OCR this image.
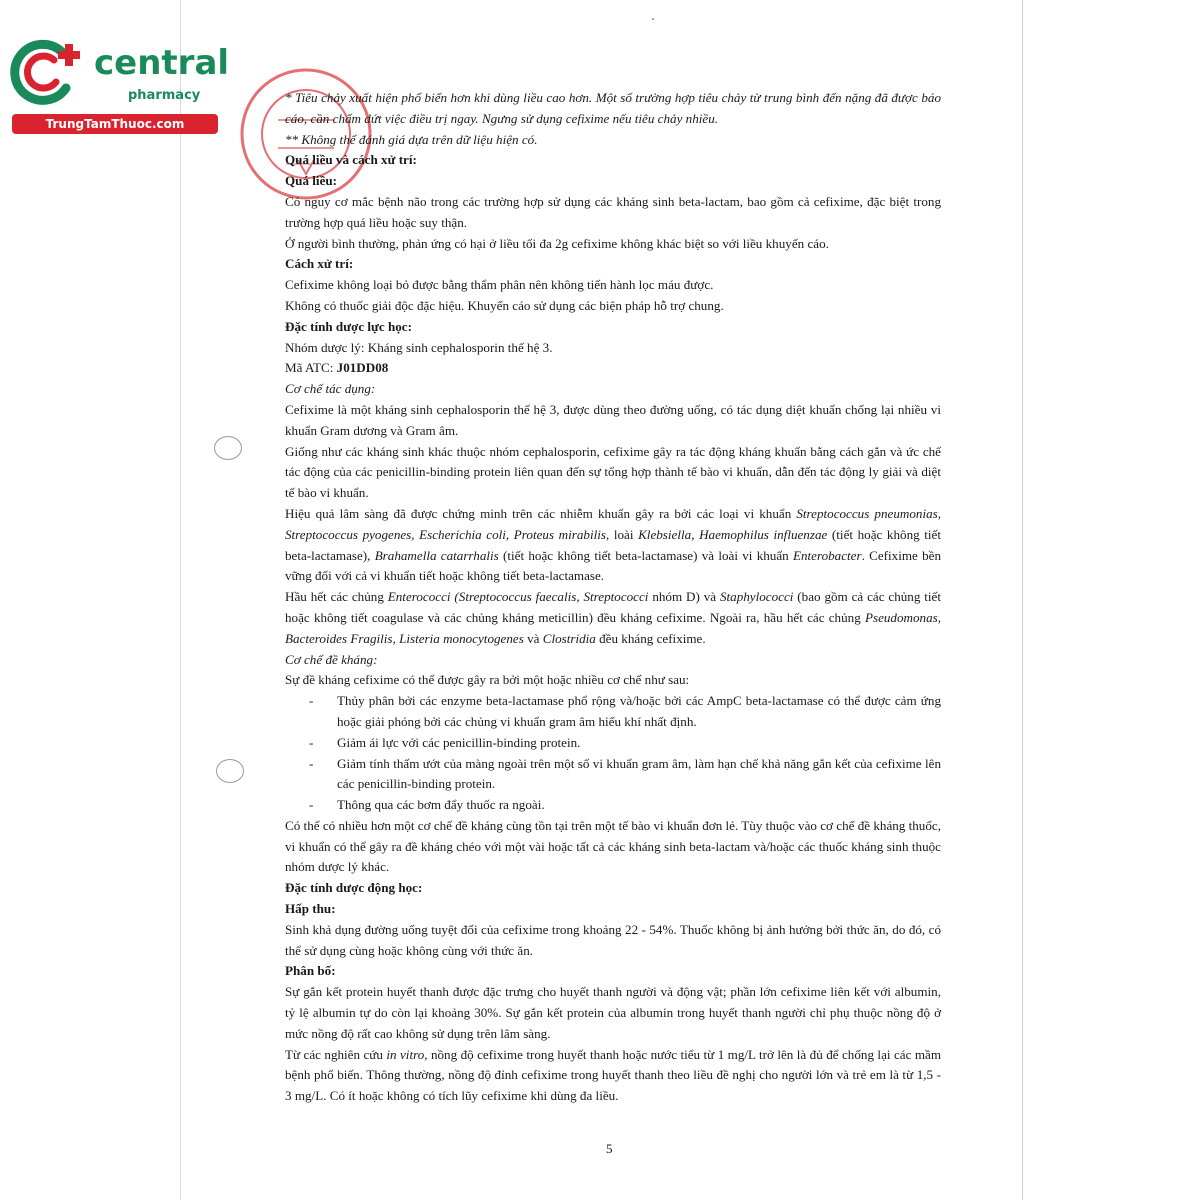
central
pharmacy
TrungTamThuoc.com

* Tiêu chảy xuất hiện phổ biến hơn khi dùng liều cao hơn. Một số trường hợp tiêu chảy từ trung bình đến nặng đã được báo cáo, cần chấm dứt việc điều trị ngay. Ngưng sử dụng cefixime nếu tiêu chảy nhiều.

** Không thể đánh giá dựa trên dữ liệu hiện có.

Quá liều và cách xử trí:

Quá liều:

Có nguy cơ mắc bệnh não trong các trường hợp sử dụng các kháng sinh beta-lactam, bao gồm cả cefixime, đặc biệt trong trường hợp quá liều hoặc suy thận.

Ở người bình thường, phản ứng có hại ở liều tối đa 2g cefixime không khác biệt so với liều khuyến cáo.

Cách xử trí:

Cefixime không loại bỏ được bằng thẩm phân nên không tiến hành lọc máu được.

Không có thuốc giải độc đặc hiệu. Khuyến cáo sử dụng các biện pháp hỗ trợ chung.

Đặc tính dược lực học:

Nhóm dược lý: Kháng sinh cephalosporin thế hệ 3.

Mã ATC: J01DD08

Cơ chế tác dụng:

Cefixime là một kháng sinh cephalosporin thế hệ 3, được dùng theo đường uống, có tác dụng diệt khuẩn chống lại nhiều vi khuẩn Gram dương và Gram âm.

Giống như các kháng sinh khác thuộc nhóm cephalosporin, cefixime gây ra tác động kháng khuẩn bằng cách gắn và ức chế tác động của các penicillin-binding protein liên quan đến sự tổng hợp thành tế bào vi khuẩn, dẫn đến tác động ly giải và diệt tế bào vi khuẩn.

Hiệu quả lâm sàng đã được chứng minh trên các nhiễm khuẩn gây ra bởi các loại vi khuẩn Streptococcus pneumonias, Streptococcus pyogenes, Escherichia coli, Proteus mirabilis, loài Klebsiella, Haemophilus influenzae (tiết hoặc không tiết beta-lactamase), Brahamella catarrhalis (tiết hoặc không tiết beta-lactamase) và loài vi khuẩn Enterobacter. Cefixime bền vững đối với cả vi khuẩn tiết hoặc không tiết beta-lactamase.

Hầu hết các chủng Enterococci (Streptococcus faecalis, Streptococci nhóm D) và Staphylococci (bao gồm cả các chủng tiết hoặc không tiết coagulase và các chủng kháng meticillin) đều kháng cefixime. Ngoài ra, hầu hết các chủng Pseudomonas, Bacteroides Fragilis, Listeria monocytogenes và Clostridia đều kháng cefixime.

Cơ chế đề kháng:

Sự đề kháng cefixime có thể được gây ra bởi một hoặc nhiều cơ chế như sau:

-	Thủy phân bởi các enzyme beta-lactamase phổ rộng và/hoặc bởi các AmpC beta-lactamase có thể được cảm ứng hoặc giải phóng bởi các chủng vi khuẩn gram âm hiếu khí nhất định.
-	Giảm ái lực với các penicillin-binding protein.
-	Giảm tính thấm ướt của màng ngoài trên một số vi khuẩn gram âm, làm hạn chế khả năng gắn kết của cefixime lên các penicillin-binding protein.
-	Thông qua các bơm đẩy thuốc ra ngoài.

Có thể có nhiều hơn một cơ chế đề kháng cùng tồn tại trên một tế bào vi khuẩn đơn lẻ. Tùy thuộc vào cơ chế đề kháng thuốc, vi khuẩn có thể gây ra đề kháng chéo với một vài hoặc tất cả các kháng sinh beta-lactam và/hoặc các thuốc kháng sinh thuộc nhóm dược lý khác.

Đặc tính dược động học:

Hấp thu:

Sinh khả dụng đường uống tuyệt đối của cefixime trong khoảng 22 - 54%. Thuốc không bị ảnh hưởng bởi thức ăn, do đó, có thể sử dụng cùng hoặc không cùng với thức ăn.

Phân bố:

Sự gắn kết protein huyết thanh được đặc trưng cho huyết thanh người và động vật; phần lớn cefixime liên kết với albumin, tỷ lệ albumin tự do còn lại khoảng 30%. Sự gắn kết protein của albumin trong huyết thanh người chỉ phụ thuộc nồng độ ở mức nồng độ rất cao không sử dụng trên lâm sàng.

Từ các nghiên cứu in vitro, nồng độ cefixime trong huyết thanh hoặc nước tiểu từ 1 mg/L trở lên là đủ để chống lại các mầm bệnh phổ biến. Thông thường, nồng độ đỉnh cefixime trong huyết thanh theo liều đề nghị cho người lớn và trẻ em là từ 1,5 - 3 mg/L. Có ít hoặc không có tích lũy cefixime khi dùng đa liều.

5
